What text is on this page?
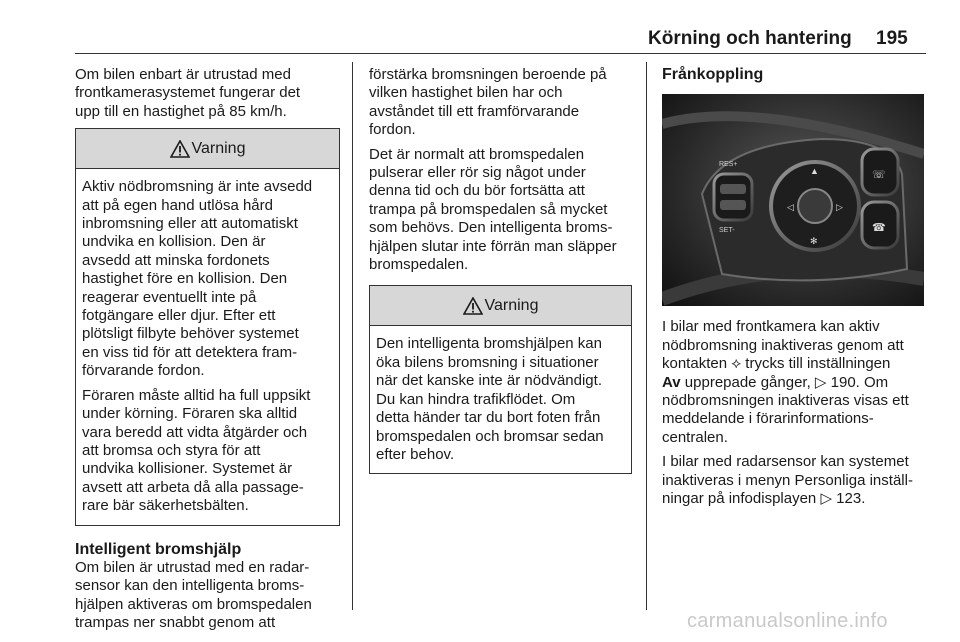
Körning och hantering 195

Om bilen enbart är utrustad med
frontkamerasystemet fungerar det
upp till en hastighet på 85 km/h.

Varning

Aktiv nödbromsning är inte avsedd
att på egen hand utlösa hård
inbromsning eller att automatiskt
undvika en kollision. Den är
avsedd att minska fordonets
hastighet före en kollision. Den
reagerar eventuellt inte på
fotgängare eller djur. Efter ett
plötsligt filbyte behöver systemet
en viss tid för att detektera fram‐
förvarande fordon.

Föraren måste alltid ha full uppsikt
under körning. Föraren ska alltid
vara beredd att vidta åtgärder och
att bromsa och styra för att
undvika kollisioner. Systemet är
avsett att arbeta då alla passage‐
rare bär säkerhetsbälten.

Intelligent bromshjälp

Om bilen är utrustad med en radar‐
sensor kan den intelligenta broms‐
hjälpen aktiveras om bromspedalen
trampas ner snabbt genom att

förstärka bromsningen beroende på
vilken hastighet bilen har och
avståndet till ett framförvarande
fordon.

Det är normalt att bromspedalen
pulserar eller rör sig något under
denna tid och du bör fortsätta att
trampa på bromspedalen så mycket
som behövs. Den intelligenta broms‐
hjälpen slutar inte förrän man släpper
bromspedalen.

Varning

Den intelligenta bromshjälpen kan
öka bilens bromsning i situationer
när det kanske inte är nödvändigt.
Du kan hindra trafikflödet. Om
detta händer tar du bort foten från
bromspedalen och bromsar sedan
efter behov.

Frånkoppling
RES+
SET-
▲
◁	▷
✻
☏
☎

I bilar med frontkamera kan aktiv
nödbromsning inaktiveras genom att
kontakten ⟡ trycks till inställningen
Av upprepade gånger, ▷ 190. Om
nödbromsningen inaktiveras visas ett
meddelande i förarinformations‐
centralen.

I bilar med radarsensor kan systemet
inaktiveras i menyn Personliga inställ‐
ningar på infodisplayen ▷ 123.

carmanualsonline.info
